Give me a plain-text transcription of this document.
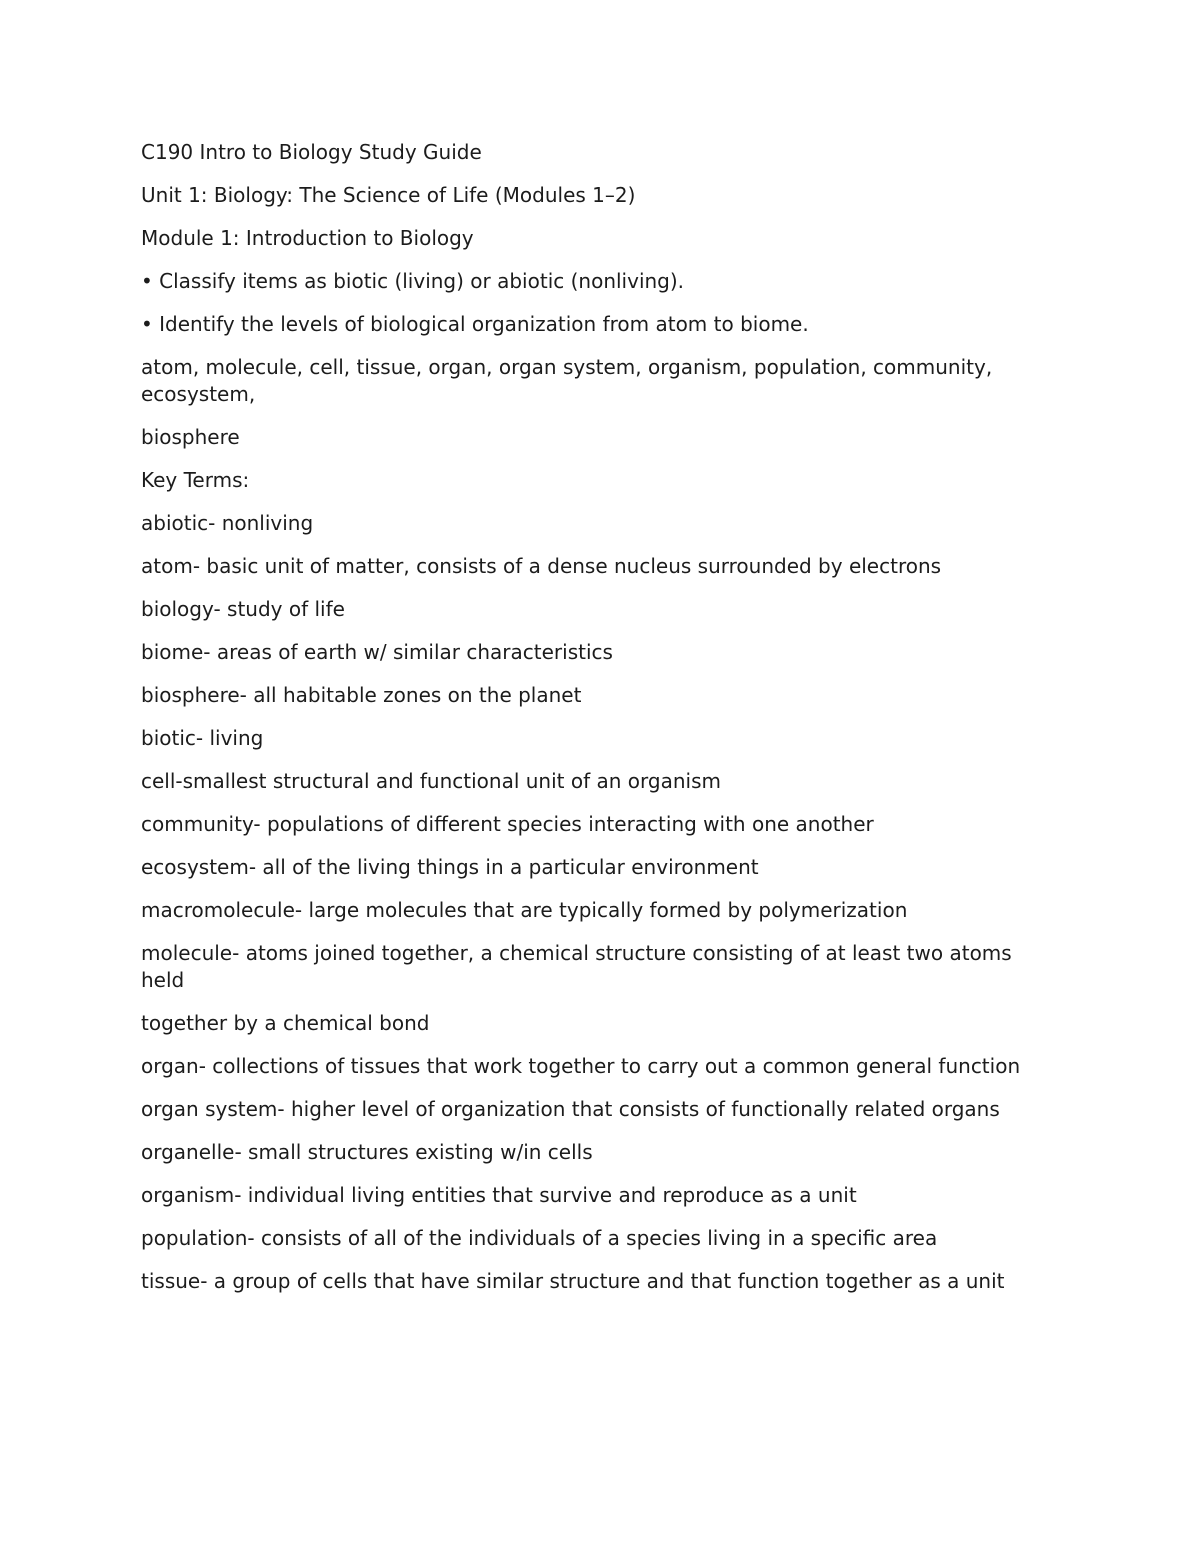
C190 Intro to Biology Study Guide

Unit 1: Biology: The Science of Life (Modules 1–2)

Module 1: Introduction to Biology

• Classify items as biotic (living) or abiotic (nonliving).

• Identify the levels of biological organization from atom to biome.

atom, molecule, cell, tissue, organ, organ system, organism, population, community, ecosystem,

biosphere

Key Terms:

abiotic- nonliving

atom- basic unit of matter, consists of a dense nucleus surrounded by electrons

biology- study of life

biome- areas of earth w/ similar characteristics

biosphere- all habitable zones on the planet

biotic- living

cell-smallest structural and functional unit of an organism

community- populations of different species interacting with one another

ecosystem- all of the living things in a particular environment

macromolecule- large molecules that are typically formed by polymerization

molecule- atoms joined together, a chemical structure consisting of at least two atoms held

together by a chemical bond

organ- collections of tissues that work together to carry out a common general function

organ system- higher level of organization that consists of functionally related organs

organelle- small structures existing w/in cells

organism- individual living entities that survive and reproduce as a unit

population- consists of all of the individuals of a species living in a specific area

tissue- a group of cells that have similar structure and that function together as a unit
